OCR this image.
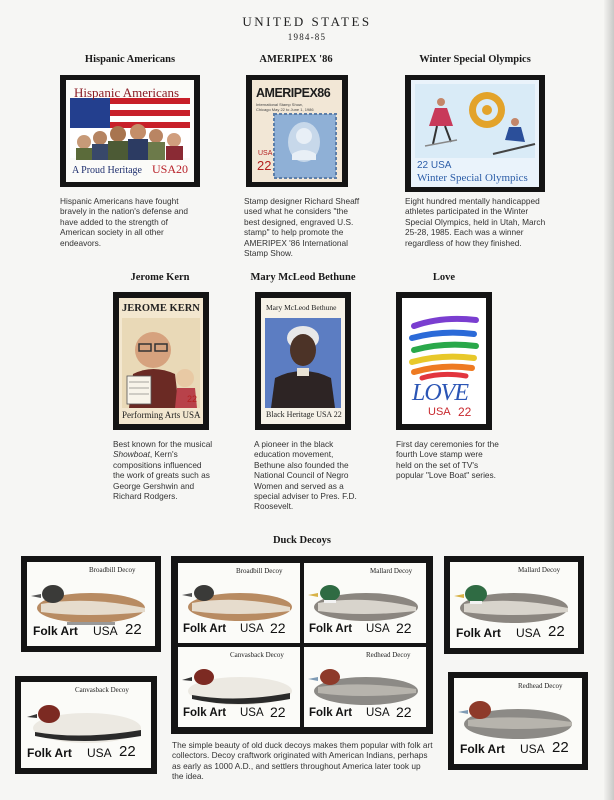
UNITED STATES
1984-85
Hispanic Americans	AMERIPEX '86	Winter Special Olympics
Hispanic Americans
A Proud Heritage USA20
Hispanic Americans have fought bravely in the nation's defense and have added to the strength of American society in all other endeavors.
AMERIPEX86
International Stamp Show, Chicago May 22 to June 1, 1986
USA
22
Stamp designer Richard Sheaff used what he considers "the best designed, engraved U.S. stamp" to help promote the AMERIPEX '86 International Stamp Show.
22 USA
Winter Special Olympics
Eight hundred mentally handicapped athletes participated in the Winter Special Olympics, held in Utah, March 25-28, 1985. Each was a winner regardless of how they finished.
Jerome Kern	Mary McLeod Bethune	Love
JEROME KERN
Performing Arts USA
22
Best known for the musical Showboat, Kern's compositions influenced the work of greats such as George Gershwin and Richard Rodgers.
Mary McLeod Bethune
Black Heritage USA 22
A pioneer in the black education movement, Bethune also founded the National Council of Negro Women and served as a special adviser to Pres. F.D. Roosevelt.
LOVE
USA 22
First day ceremonies for the fourth Love stamp were held on the set of TV's popular "Love Boat" series.
Duck Decoys
Broadbill Decoy
Folk Art USA 22
Broadbill Decoy
Folk Art USA 22
Mallard Decoy
Folk Art USA 22
Canvasback Decoy
Folk Art USA 22
Redhead Decoy
Folk Art USA 22
Mallard Decoy
Folk Art USA 22
Canvasback Decoy
Folk Art USA 22
Redhead Decoy
Folk Art USA 22
The simple beauty of old duck decoys makes them popular with folk art collectors. Decoy craftwork originated with American Indians, perhaps as early as 1000 A.D., and settlers throughout America later took up the idea.
